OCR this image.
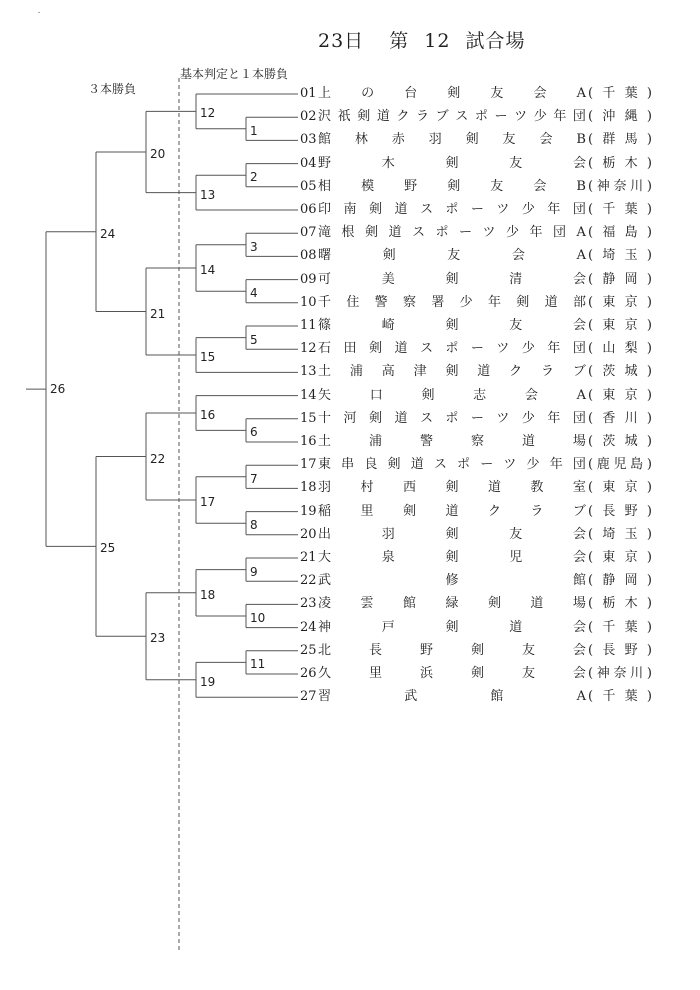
23日 第 12 試合場
基本判定と１本勝負
３本勝負	01 上 の 台 剣 友 会 A ( 千 葉 )
02 沢 祇 剣 道 ク ラ ブ ス ポ ー ツ 少 年 団 ( 沖 縄 )
03 館 林 赤 羽 剣 友 会 B ( 群 馬 )
04 野	木	剣	友	会 ( 栃 木 )
05 相 模 野 剣 友 会 B ( 神 奈 川 )
06 印 南 剣 道 ス ポ ー ツ 少 年 団 ( 千 葉 )
07 滝 根 剣 道 ス ポ ー ツ 少 年 団 A ( 福 島 )
08 曙	剣	友	会	A ( 埼 玉 )
09 可	美	剣	清	会 ( 静 岡 )
10 千 住 警 察 署 少 年 剣 道 部 ( 東 京 )
11 篠	崎	剣	友	会 ( 東 京 )
12 石 田 剣 道 ス ポ ー ツ 少 年 団 ( 山 梨 )
13 土 浦 高 津 剣 道 ク ラ ブ ( 茨 城 )
14 矢	口	剣	志	会	A ( 東 京 )
15 十 河 剣 道 ス ポ ー ツ 少 年 団 ( 香 川 )
16 土	浦	警	察	道	場 ( 茨 城 )
17 東 串 良 剣 道 ス ポ ー ツ 少 年 団 ( 鹿 児 島 )
18 羽 村 西 剣 道 教 室 ( 東 京 )
19 稲 里 剣 道 ク ラ ブ ( 長 野 )
20 出	羽	剣	友	会 ( 埼 玉 )
21 大	泉	剣	児	会 ( 東 京 )
22 武	修	館 ( 静 岡 )
23 凌 雲 館 緑 剣 道 場 ( 栃 木 )
24 神	戸	剣	道	会 ( 千 葉 )
25 北	長	野	剣	友	会 ( 長 野 )
26 久	里	浜	剣	友	会 ( 神 奈 川 )
27 習	武	館	A ( 千 葉 )
1
2
3
4
5
6
7
8
9
10
11
12
13
14
15
16
17
18
19
20
21
22
23
24
25
26
